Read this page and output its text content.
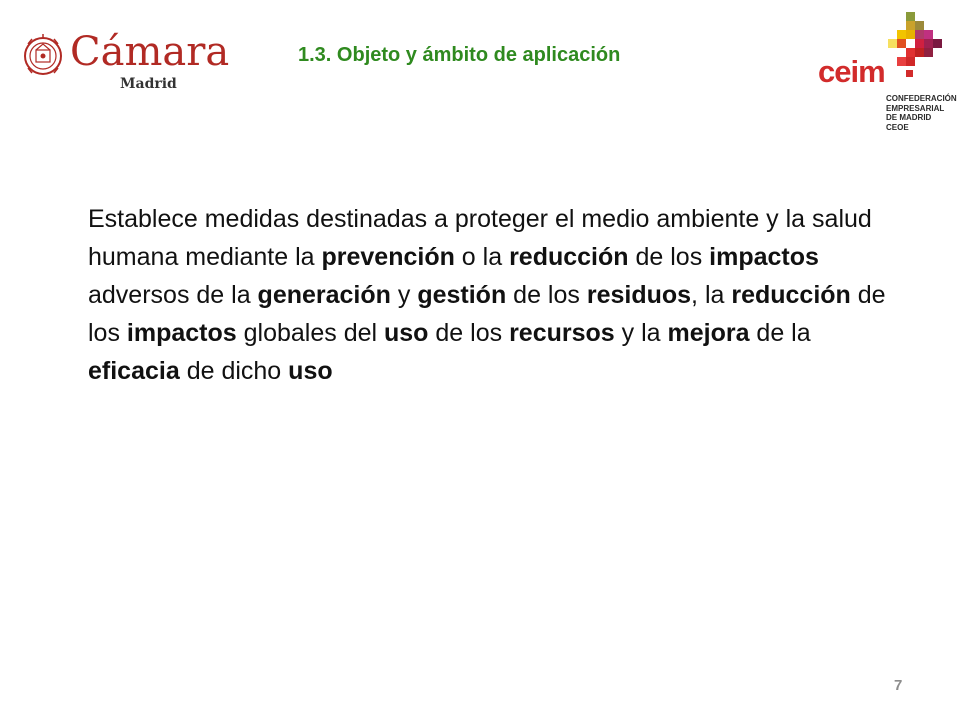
Cámara
Madrid
1.3. Objeto y ámbito de aplicación	ceim
CONFEDERACIÓN
EMPRESARIAL
DE MADRID
CEOE

Establece medidas destinadas a proteger el medio ambiente y la salud humana mediante la prevención o la reducción de los impactos adversos de la generación y gestión de los residuos, la reducción de los impactos globales del uso de los recursos y la mejora de la eficacia de dicho uso

7
